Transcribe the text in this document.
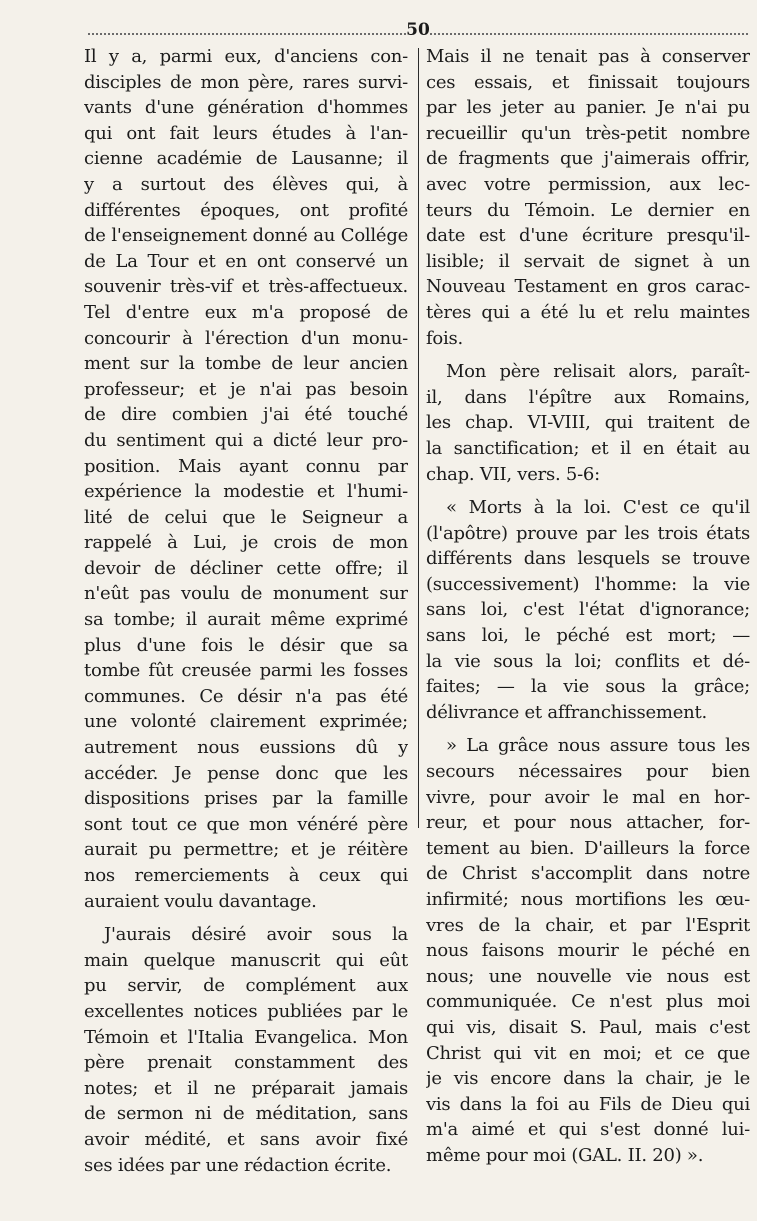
50
Il y a, parmi eux, d'anciens con-
disciples de mon père, rares survi-
vants d'une génération d'hommes
qui ont fait leurs études à l'an-
cienne académie de Lausanne; il
y a surtout des élèves qui, à
différentes époques, ont profité
de l'enseignement donné au Collége
de La Tour et en ont conservé un
souvenir très-vif et très-affectueux.
Tel d'entre eux m'a proposé de
concourir à l'érection d'un monu-
ment sur la tombe de leur ancien
professeur; et je n'ai pas besoin
de dire combien j'ai été touché
du sentiment qui a dicté leur pro-
position. Mais ayant connu par
expérience la modestie et l'humi-
lité de celui que le Seigneur a
rappelé à Lui, je crois de mon
devoir de décliner cette offre; il
n'eût pas voulu de monument sur
sa tombe; il aurait même exprimé
plus d'une fois le désir que sa
tombe fût creusée parmi les fosses
communes. Ce désir n'a pas été
une volonté clairement exprimée;
autrement nous eussions dû y
accéder. Je pense donc que les
dispositions prises par la famille
sont tout ce que mon vénéré père
aurait pu permettre; et je réitère
nos remerciements à ceux qui
auraient voulu davantage.
J'aurais désiré avoir sous la
main quelque manuscrit qui eût
pu servir, de complément aux
excellentes notices publiées par le
Témoin et l'Italia Evangelica. Mon
père prenait constamment des
notes; et il ne préparait jamais
de sermon ni de méditation, sans
avoir médité, et sans avoir fixé
ses idées par une rédaction écrite.
Mais il ne tenait pas à conserver
ces essais, et finissait toujours
par les jeter au panier. Je n'ai pu
recueillir qu'un très-petit nombre
de fragments que j'aimerais offrir,
avec votre permission, aux lec-
teurs du Témoin. Le dernier en
date est d'une écriture presqu'il-
lisible; il servait de signet à un
Nouveau Testament en gros carac-
tères qui a été lu et relu maintes
fois.
Mon père relisait alors, paraît-
il, dans l'épître aux Romains,
les chap. VI-VIII, qui traitent de
la sanctification; et il en était au
chap. VII, vers. 5-6:
« Morts à la loi. C'est ce qu'il
(l'apôtre) prouve par les trois états
différents dans lesquels se trouve
(successivement) l'homme: la vie
sans loi, c'est l'état d'ignorance;
sans loi, le péché est mort; —
la vie sous la loi; conflits et dé-
faites; — la vie sous la grâce;
délivrance et affranchissement.
» La grâce nous assure tous les
secours nécessaires pour bien
vivre, pour avoir le mal en hor-
reur, et pour nous attacher, for-
tement au bien. D'ailleurs la force
de Christ s'accomplit dans notre
infirmité; nous mortifions les œu-
vres de la chair, et par l'Esprit
nous faisons mourir le péché en
nous; une nouvelle vie nous est
communiquée. Ce n'est plus moi
qui vis, disait S. Paul, mais c'est
Christ qui vit en moi; et ce que
je vis encore dans la chair, je le
vis dans la foi au Fils de Dieu qui
m'a aimé et qui s'est donné lui-
même pour moi (GAL. II. 20) ».
